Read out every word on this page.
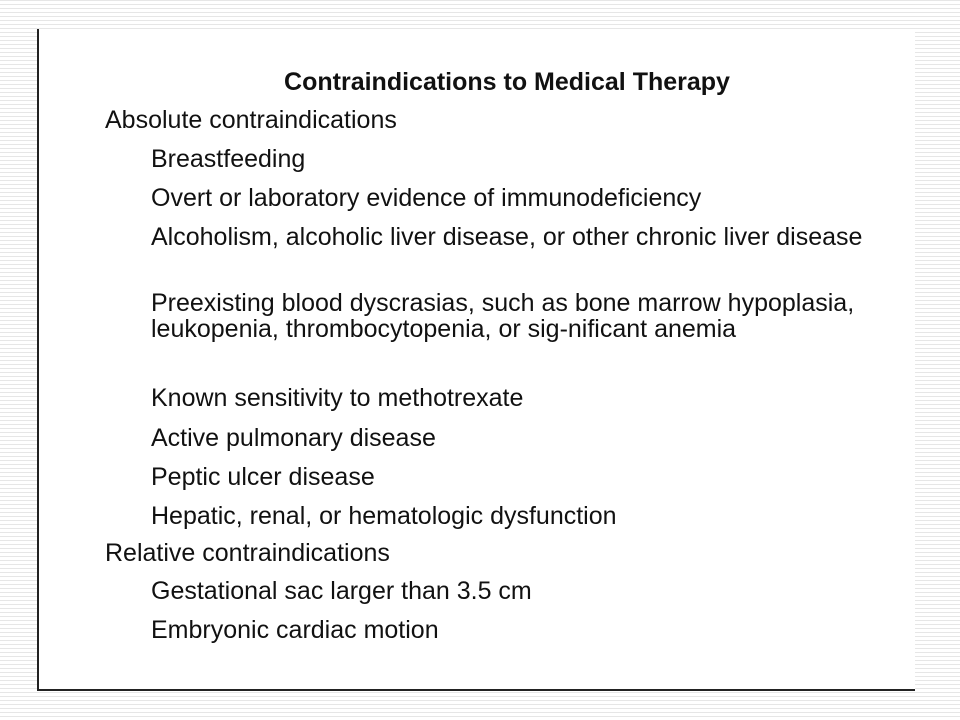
Contraindications to Medical Therapy

Absolute contraindications

Breastfeeding

Overt or laboratory evidence of immunodeficiency

Alcoholism, alcoholic liver disease, or other chronic liver disease

Preexisting blood dyscrasias, such as bone marrow hypoplasia, leukopenia, thrombocytopenia, or sig-nificant anemia

Known sensitivity to methotrexate

Active pulmonary disease

Peptic ulcer disease

Hepatic, renal, or hematologic dysfunction

Relative contraindications

Gestational sac larger than 3.5 cm

Embryonic cardiac motion
